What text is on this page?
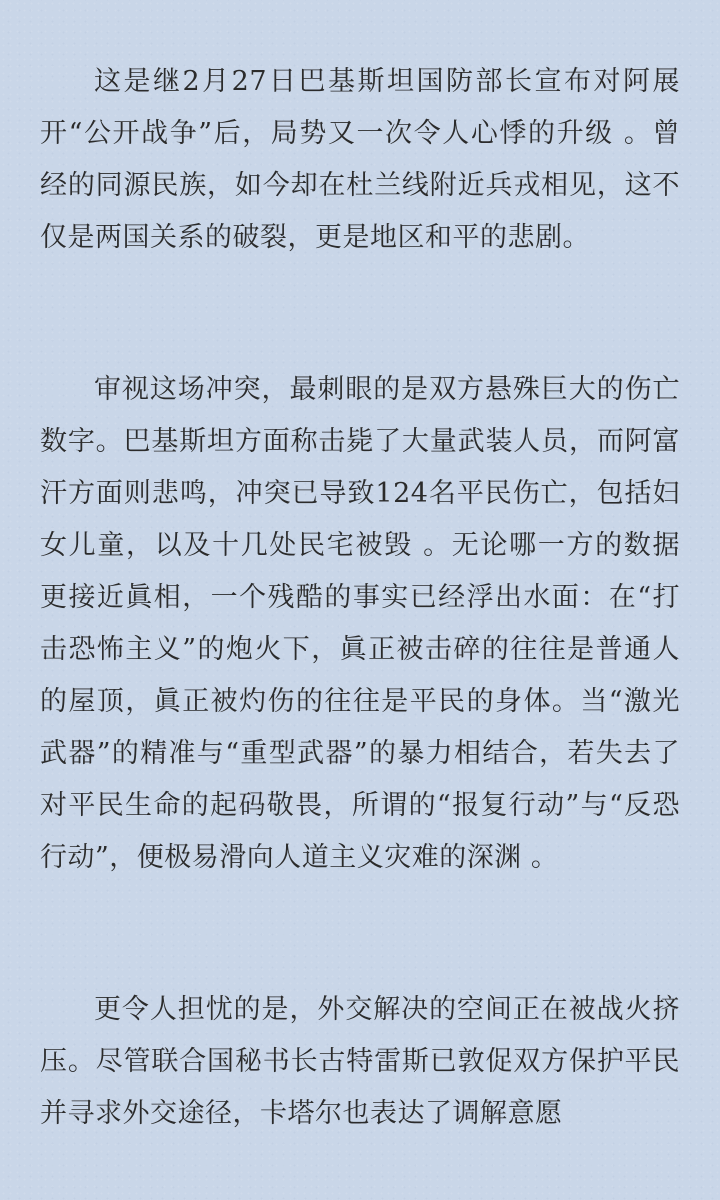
这是继2月27日巴基斯坦国防部长宣布对阿展开“公开战争”后，局势又一次令人心悸的升级 。曾经的同源民族，如今却在杜兰线附近兵戎相见，这不仅是两国关系的破裂，更是地区和平的悲剧。

审视这场冲突，最刺眼的是双方悬殊巨大的伤亡数字。巴基斯坦方面称击毙了大量武装人员，而阿富汗方面则悲鸣，冲突已导致124名平民伤亡，包括妇女儿童，以及十几处民宅被毁 。无论哪一方的数据更接近眞相，一个残酷的事实已经浮出水面：在“打击恐怖主义”的炮火下，眞正被击碎的往往是普通人的屋顶，眞正被灼伤的往往是平民的身体。当“激光武器”的精准与“重型武器”的暴力相结合，若失去了对平民生命的起码敬畏，所谓的“报复行动”与“反恐行动”，便极易滑向人道主义灾难的深渊 。

更令人担忧的是，外交解决的空间正在被战火挤压。尽管联合国秘书长古特雷斯已敦促双方保护平民并寻求外交途径，卡塔尔也表达了调解意愿
